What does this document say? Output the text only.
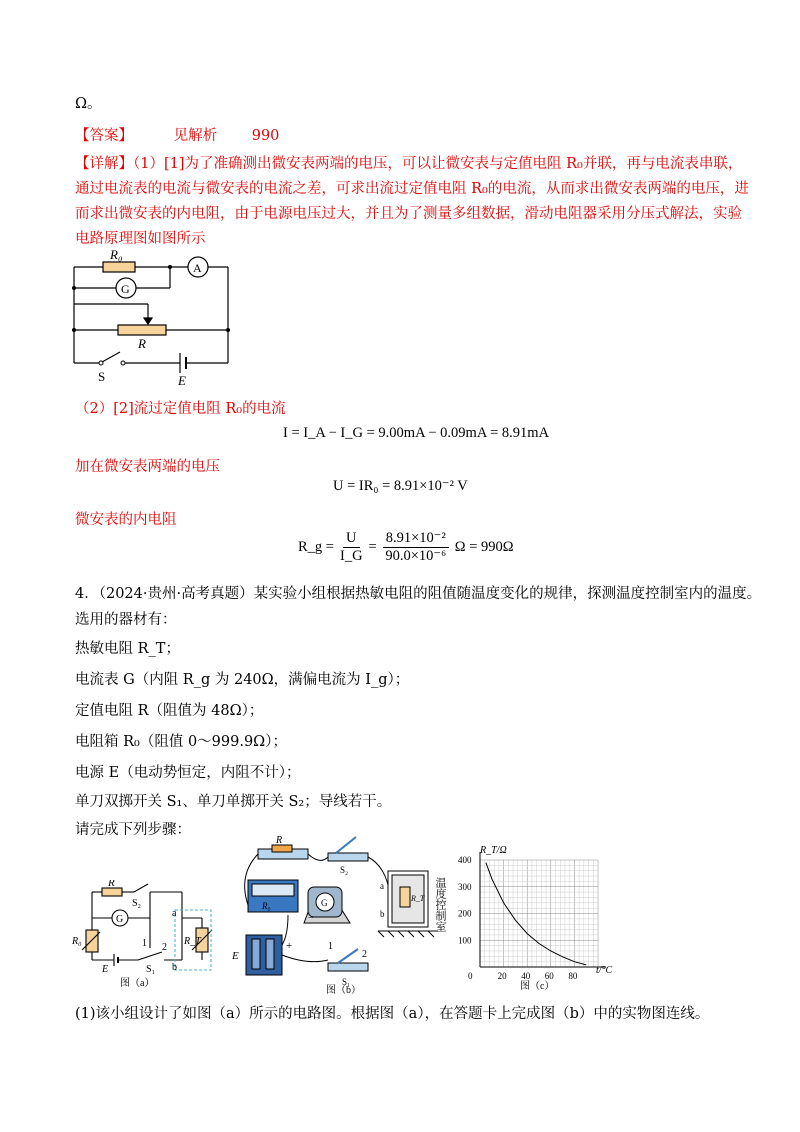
Ω。
【答案】	见解析 990
【详解】（1）[1]为了准确测出微安表两端的电压，可以让微安表与定值电阻 R₀并联，再与电流表串联，
通过电流表的电流与微安表的电流之差，可求出流过定值电阻 R₀的电流，从而求出微安表两端的电压，进
而求出微安表的内电阻，由于电源电压过大，并且为了测量多组数据，滑动电阻器采用分压式解法，实验
电路原理图如图所示
R₀
A
G
R
S	E
（2）[2]流过定值电阻 R₀的电流
I = I_A − I_G = 9.00mA − 0.09mA = 8.91mA
加在微安表两端的电压
U = IR₀ = 8.91×10⁻² V
微安表的内电阻
R_g = $\frac{U}{I\_G} = \frac{\text{8.91×10⁻²}}{\text{90.0×10⁻⁶}}$ Ω = 990Ω
4．（2024·贵州·高考真题）某实验小组根据热敏电阻的阻值随温度变化的规律，探测温度控制室内的温度。
选用的器材有：
热敏电阻 R_T；
电流表 G（内阻 R_g 为 240Ω，满偏电流为 I_g）；
定值电阻 R（阻值为 48Ω）；
电阻箱 R₀（阻值 0～999.9Ω）；
电源 E（电动势恒定，内阻不计）；
单刀双掷开关 S₁、单刀单掷开关 S₂；导线若干。
请完成下列步骤：
R
S₂
G
R₀	R_T
a
b
1 2
E	S₁
图（a）
R
S₂
R₀	G
E
+
−
1
2
S₁
a
b
R_T 温度控制室
图（b）
0	20 40 60 80
100
200
300
400
R_T/Ω
t/°C
图（c）
(1)该小组设计了如图（a）所示的电路图。根据图（a），在答题卡上完成图（b）中的实物图连线。
